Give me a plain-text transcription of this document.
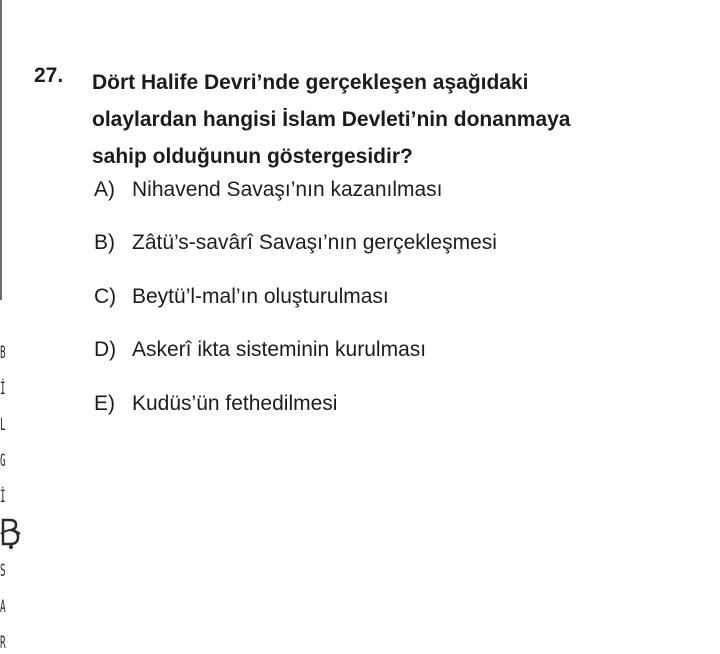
B
İ
L
G
İ
S
A
R
27. Dört Halife Devri’nde gerçekleşen aşağıdaki
olaylardan hangisi İslam Devleti’nin donanmaya
sahip olduğunun göstergesidir?
A) Nihavend Savaşı’nın kazanılması
B) Zâtü’s-savârî Savaşı’nın gerçekleşmesi
C) Beytü’l-mal’ın oluşturulması
D) Askerî ikta sisteminin kurulması
E) Kudüs’ün fethedilmesi
